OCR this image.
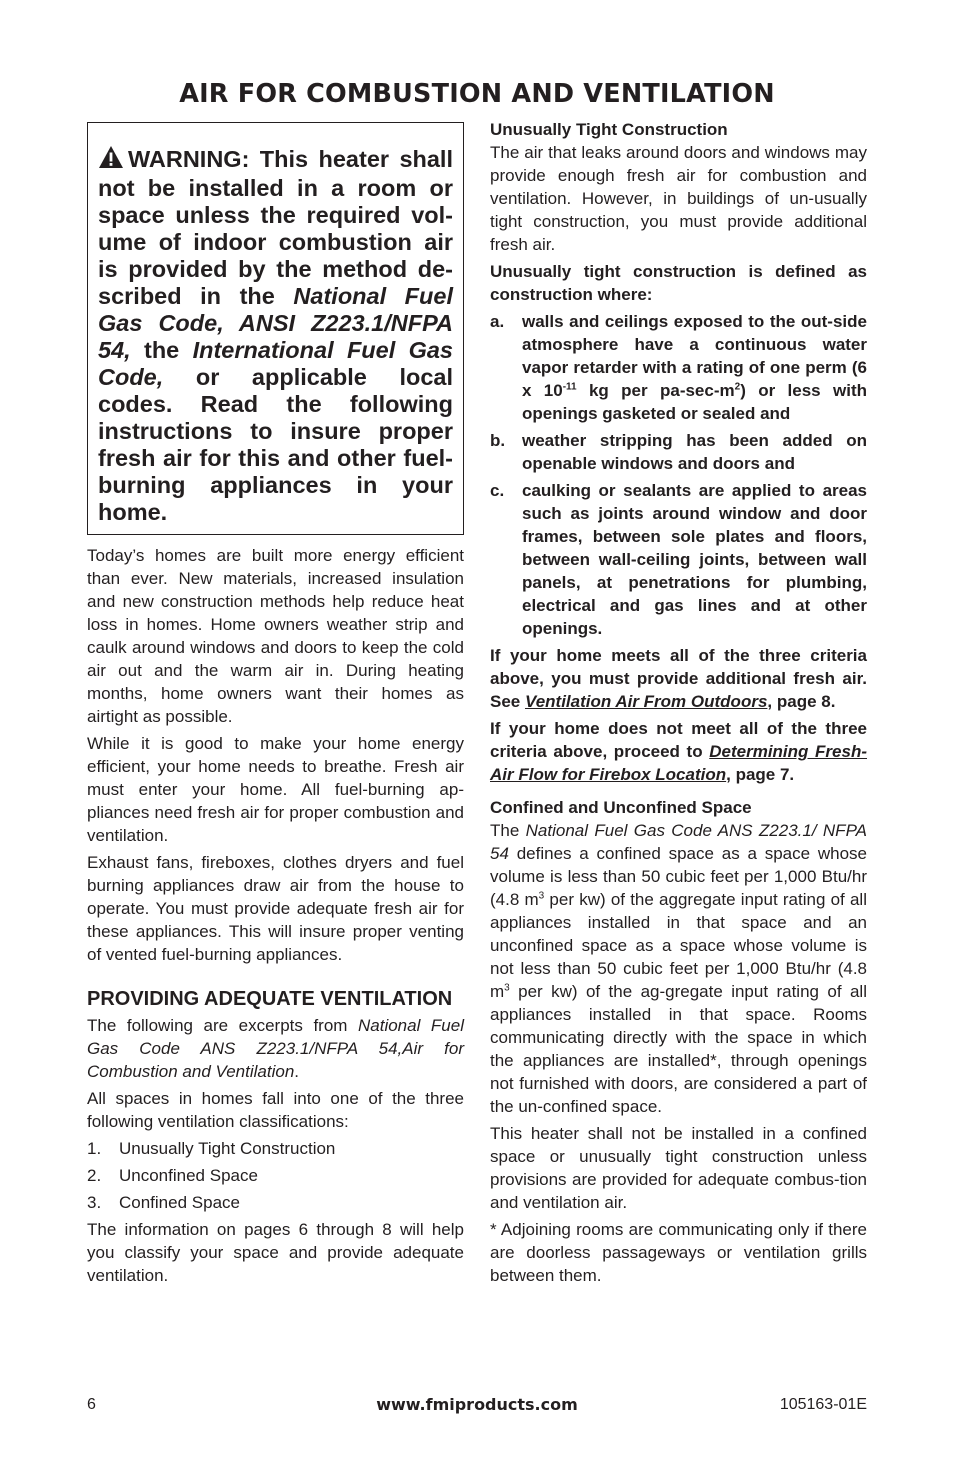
AIR FOR COMBUSTION AND VENTILATION
WARNING: This heater shall not be installed in a room or space unless the required vol-ume of indoor combustion air is provided by the method de-scribed in the National Fuel Gas Code, ANSI Z223.1/NFPA 54, the International Fuel Gas Code, or applicable local codes. Read the following instructions to insure proper fresh air for this and other fuel-burning appliances in your home.

Today’s homes are built more energy efficient than ever. New materials, increased insulation and new construction methods help reduce heat loss in homes. Home owners weather strip and caulk around windows and doors to keep the cold air out and the warm air in. During heating months, home owners want their homes as airtight as possible.

While it is good to make your home energy efficient, your home needs to breathe. Fresh air must enter your home. All fuel-burning ap-pliances need fresh air for proper combustion and ventilation.

Exhaust fans, fireboxes, clothes dryers and fuel burning appliances draw air from the house to operate. You must provide adequate fresh air for these appliances. This will insure proper venting of vented fuel-burning appliances.

PROVIDING ADEQUATE VENTILATION

The following are excerpts from National Fuel Gas Code ANS Z223.1/NFPA 54,Air for Combustion and Ventilation.

All spaces in homes fall into one of the three following ventilation classifications:

1.	Unusually Tight Construction
2.	Unconfined Space
3.	Confined Space

The information on pages 6 through 8 will help you classify your space and provide adequate ventilation.

Unusually Tight Construction

The air that leaks around doors and windows may provide enough fresh air for combustion and ventilation. However, in buildings of un-usually tight construction, you must provide additional fresh air.

Unusually tight construction is defined as construction where:

a.	walls and ceilings exposed to the out-side atmosphere have a continuous water vapor retarder with a rating of one perm (6 x $10^{-11}$ kg per $pa-\sec-m^2$) or less with openings gasketed or sealed and
b. weather stripping has been added on openable windows and doors and
c.	caulking or sealants are applied to areas such as joints around window and door frames, between sole plates and floors, between wall-ceiling joints, between wall panels, at penetrations for plumbing, electrical and gas lines and at other openings.

If your home meets all of the three criteria above, you must provide additional fresh air. See Ventilation Air From Outdoors, page 8.

If your home does not meet all of the three criteria above, proceed to Determining Fresh-Air Flow for Firebox Location, page 7.

Confined and Unconfined Space

The National Fuel Gas Code ANS Z223.1/ NFPA 54 defines a confined space as a space whose volume is less than 50 cubic feet per 1,000 Btu/hr (4.8 $m^3$ per kw) of the aggregate input rating of all appliances installed in that space and an unconfined space as a space whose volume is not less than 50 cubic feet per 1,000 Btu/hr (4.8 $m^3$ per kw) of the ag-gregate input rating of all appliances installed in that space. Rooms communicating directly with the space in which the appliances are installed*, through openings not furnished with doors, are considered a part of the un-confined space.

This heater shall not be installed in a confined space or unusually tight construction unless provisions are provided for adequate combus-tion and ventilation air.

* Adjoining rooms are communicating only if there are doorless passageways or ventilation grills between them.

6	www.fmiproducts.com	105163-01E
